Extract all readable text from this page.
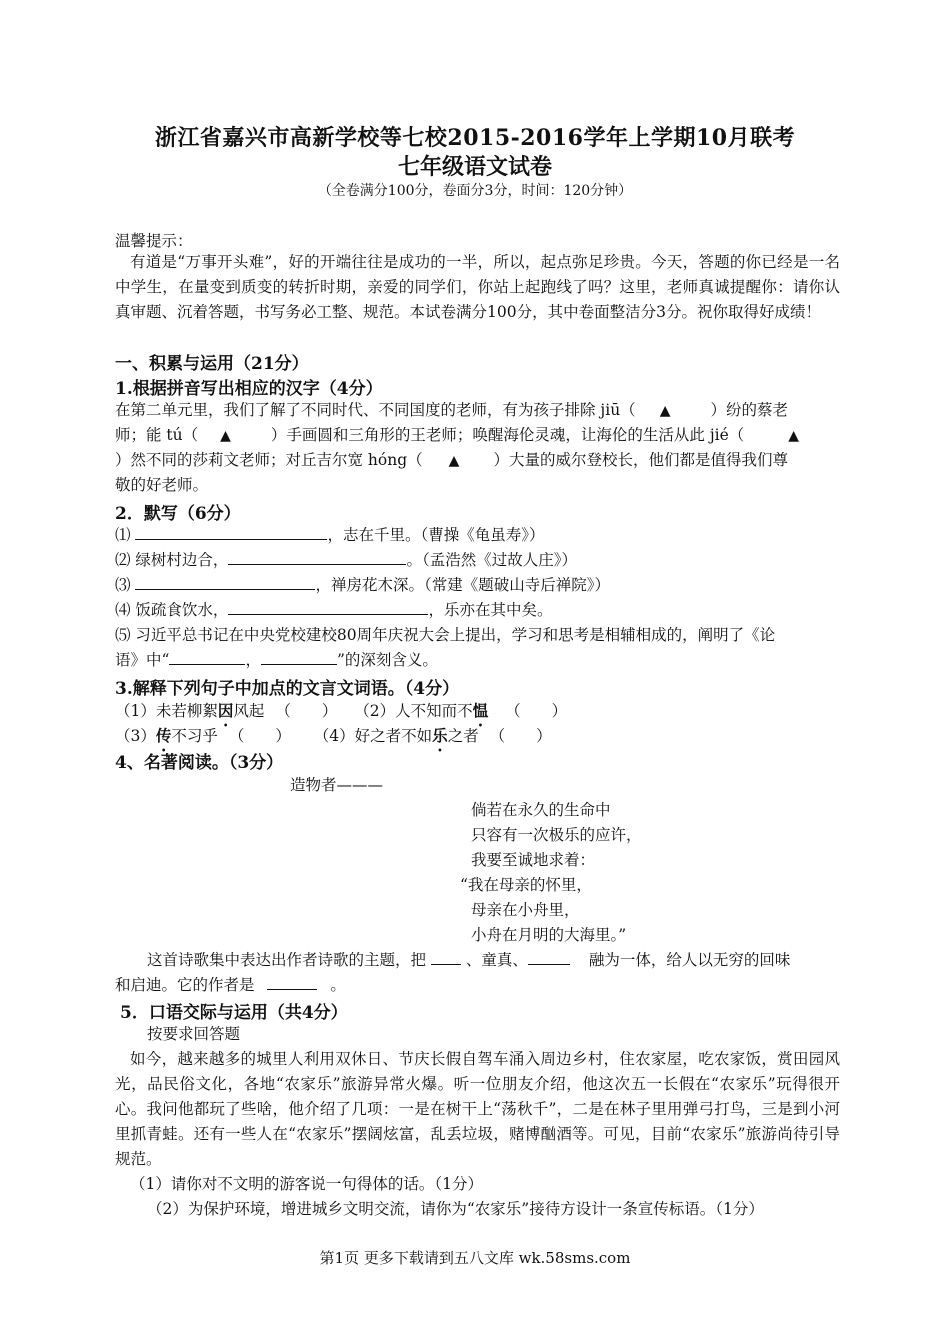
浙江省嘉兴市高新学校等七校2015-2016学年上学期10月联考
七年级语文试卷
（全卷满分100分，卷面分3分，时间：120分钟）
温馨提示：
有道是“万事开头难”，好的开端往往是成功的一半，所以，起点弥足珍贵。今天，答题的你已经是一名中学生，在量变到质变的转折时期，亲爱的同学们，你站上起跑线了吗？这里，老师真诚提醒你：请你认真审题、沉着答题，书写务必工整、规范。本试卷满分100分，其中卷面整洁分3分。祝你取得好成绩！
一、积累与运用（21分）
1.根据拼音写出相应的汉字（4分）
在第二单元里，我们了解了不同时代、不同国度的老师，有为孩子排除 jiū（ ▲	）纷的蔡老
师；能 tú（ ▲	）手画圆和三角形的王老师；唤醒海伦灵魂，让海伦的生活从此 jié（	▲
）然不同的莎莉文老师；对丘吉尔宽 hóng（ ▲ ）大量的威尔登校长，他们都是值得我们尊
敬的好老师。
2．默写（6分）
⑴	，志在千里。（曹操《龟虽寿》）
⑵ 绿树村边合，	。（孟浩然《过故人庄》）
⑶	，禅房花木深。（常建《题破山寺后禅院》）
⑷ 饭疏食饮水，	，乐亦在其中矣。
⑸ 习近平总书记在中央党校建校80周年庆祝大会上提出，学习和思考是相辅相成的，阐明了《论
语》中“	，	”的深刻含义。
3.解释下列句子中加点的文言文词语。（4分）
（1）未若柳絮因风起 （　　） （2）人不知而不愠 （　　）
（3）传不习乎 （　　） （4）好之者不如乐之者 （　　）
4、名著阅读。（3分）
造物者———
倘若在永久的生命中
只容有一次极乐的应许，
我要至诚地求着：
“我在母亲的怀里，
母亲在小舟里，
小舟在月明的大海里。”
这首诗歌集中表达出作者诗歌的主题，把	、童真、	融为一体，给人以无穷的回味
和启迪。它的作者是	。
5．口语交际与运用（共4分）
按要求回答题
如今，越来越多的城里人利用双休日、节庆长假自驾车涌入周边乡村，住农家屋，吃农家饭，赏田园风光，品民俗文化，各地“农家乐”旅游异常火爆。听一位朋友介绍，他这次五一长假在“农家乐”玩得很开心。我问他都玩了些啥，他介绍了几项：一是在树干上“荡秋千”，二是在林子里用弹弓打鸟，三是到小河里抓青蛙。还有一些人在“农家乐”摆阔炫富，乱丢垃圾，赌博酗酒等。可见，目前“农家乐”旅游尚待引导规范。
（1）请你对不文明的游客说一句得体的话。（1分）
（2）为保护环境，增进城乡文明交流，请你为“农家乐”接待方设计一条宣传标语。（1分）
第1页 更多下载请到五八文库 wk.58sms.com
